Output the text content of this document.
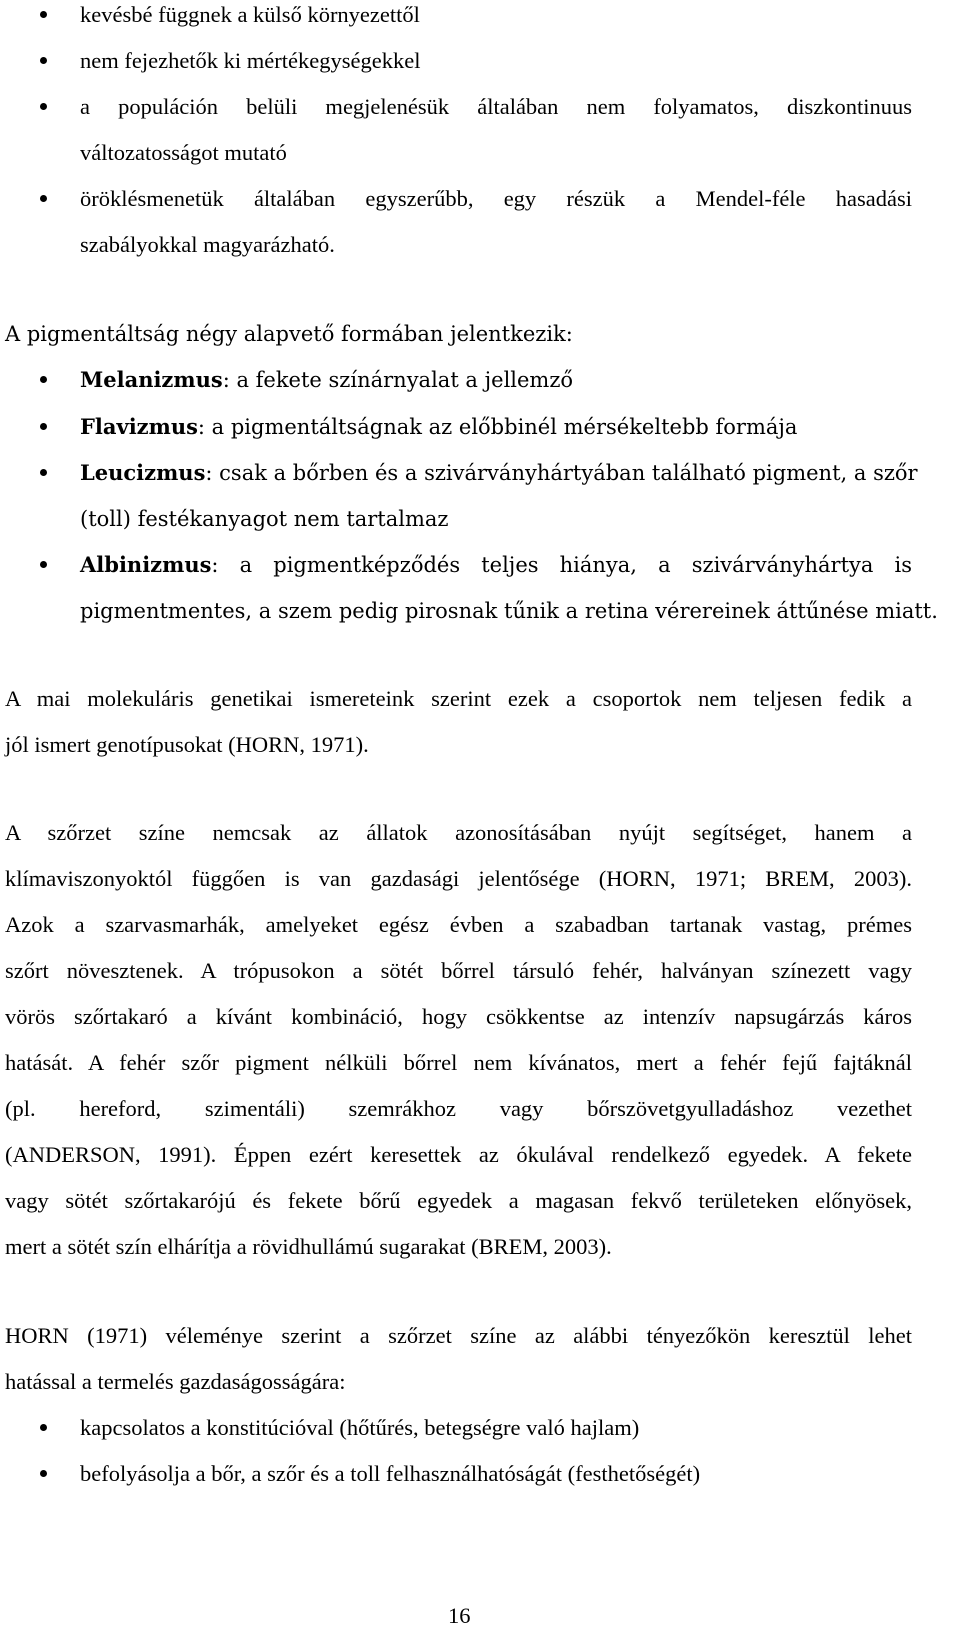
kevésbé függnek a külső környezettől
nem fejezhetők ki mértékegységekkel
a populáción belüli megjelenésük általában nem folyamatos, diszkontinuus
változatosságot mutató
öröklésmenetük általában egyszerűbb, egy részük a Mendel-féle hasadási
szabályokkal magyarázható.
A pigmentáltság négy alapvető formában jelentkezik:
Melanizmus: a fekete színárnyalat a jellemző
Flavizmus: a pigmentáltságnak az előbbinél mérsékeltebb formája
Leucizmus: csak a bőrben és a szivárványhártyában található pigment, a szőr
(toll) festékanyagot nem tartalmaz
Albinizmus: a pigmentképződés teljes hiánya, a szivárványhártya is
pigmentmentes, a szem pedig pirosnak tűnik a retina vérereinek áttűnése miatt.
A mai molekuláris genetikai ismereteink szerint ezek a csoportok nem teljesen fedik a
jól ismert genotípusokat (HORN, 1971).
A szőrzet színe nemcsak az állatok azonosításában nyújt segítséget, hanem a
klímaviszonyoktól függően is van gazdasági jelentősége (HORN, 1971; BREM, 2003).
Azok a szarvasmarhák, amelyeket egész évben a szabadban tartanak vastag, prémes
szőrt növesztenek. A trópusokon a sötét bőrrel társuló fehér, halványan színezett vagy
vörös szőrtakaró a kívánt kombináció, hogy csökkentse az intenzív napsugárzás káros
hatását. A fehér szőr pigment nélküli bőrrel nem kívánatos, mert a fehér fejű fajtáknál
(pl. hereford, szimentáli) szemrákhoz vagy bőrszövetgyulladáshoz vezethet
(ANDERSON, 1991). Éppen ezért keresettek az ókulával rendelkező egyedek. A fekete
vagy sötét szőrtakarójú és fekete bőrű egyedek a magasan fekvő területeken előnyösek,
mert a sötét szín elhárítja a rövidhullámú sugarakat (BREM, 2003).
HORN (1971) véleménye szerint a szőrzet színe az alábbi tényezőkön keresztül lehet
hatással a termelés gazdaságosságára:
kapcsolatos a konstitúcióval (hőtűrés, betegségre való hajlam)
befolyásolja a bőr, a szőr és a toll felhasználhatóságát (festhetőségét)
16
